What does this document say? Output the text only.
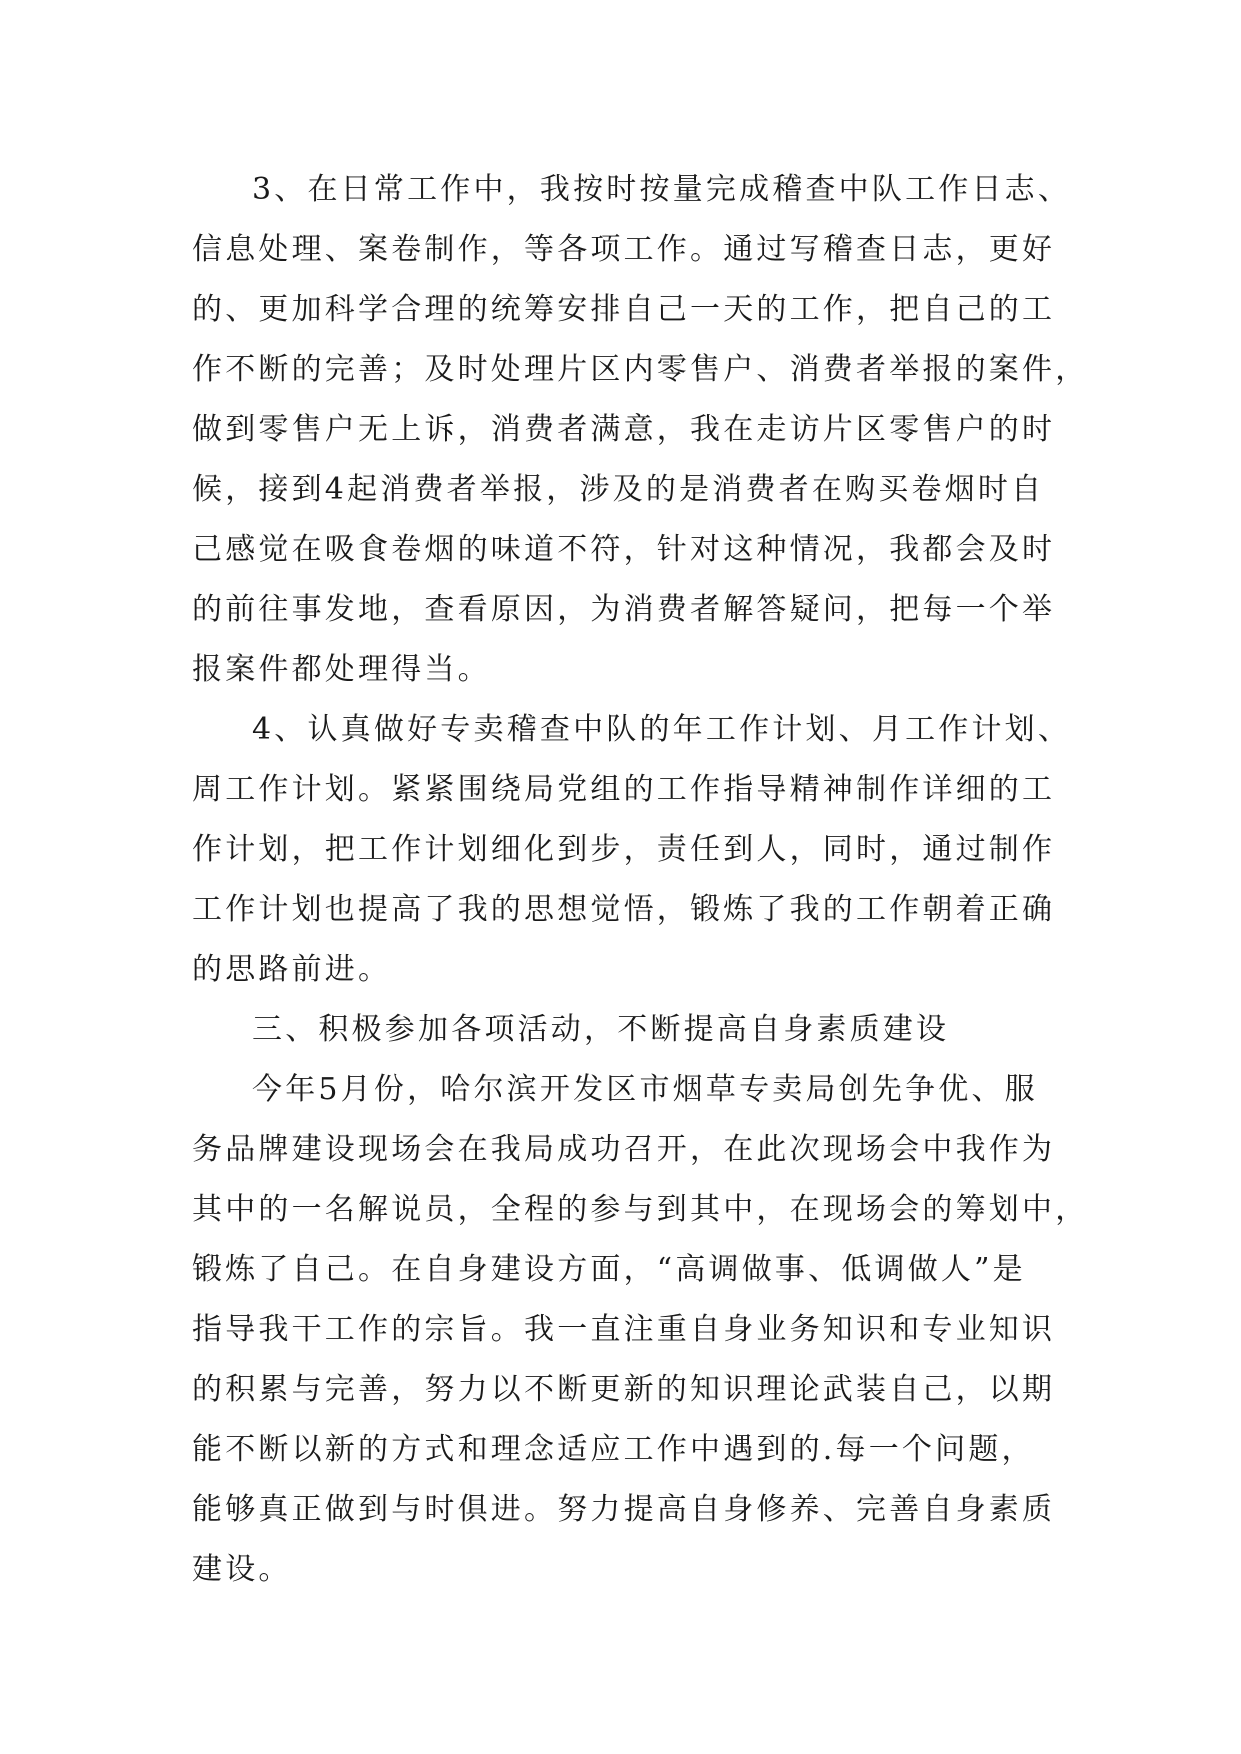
3、在日常工作中，我按时按量完成稽查中队工作日志、

信息处理、案卷制作，等各项工作。通过写稽查日志，更好

的、更加科学合理的统筹安排自己一天的工作，把自己的工

作不断的完善；及时处理片区内零售户、消费者举报的案件，

做到零售户无上诉，消费者满意，我在走访片区零售户的时

候，接到4起消费者举报，涉及的是消费者在购买卷烟时自

己感觉在吸食卷烟的味道不符，针对这种情况，我都会及时

的前往事发地，查看原因，为消费者解答疑问，把每一个举

报案件都处理得当。

4、认真做好专卖稽查中队的年工作计划、月工作计划、

周工作计划。紧紧围绕局党组的工作指导精神制作详细的工

作计划，把工作计划细化到步，责任到人，同时，通过制作

工作计划也提高了我的思想觉悟，锻炼了我的工作朝着正确

的思路前进。

三、积极参加各项活动，不断提高自身素质建设

今年5月份，哈尔滨开发区市烟草专卖局创先争优、服

务品牌建设现场会在我局成功召开，在此次现场会中我作为

其中的一名解说员，全程的参与到其中，在现场会的筹划中，

锻炼了自己。在自身建设方面，“高调做事、低调做人”是

指导我干工作的宗旨。我一直注重自身业务知识和专业知识

的积累与完善，努力以不断更新的知识理论武装自己，以期

能不断以新的方式和理念适应工作中遇到的.每一个问题，

能够真正做到与时俱进。努力提高自身修养、完善自身素质

建设。
